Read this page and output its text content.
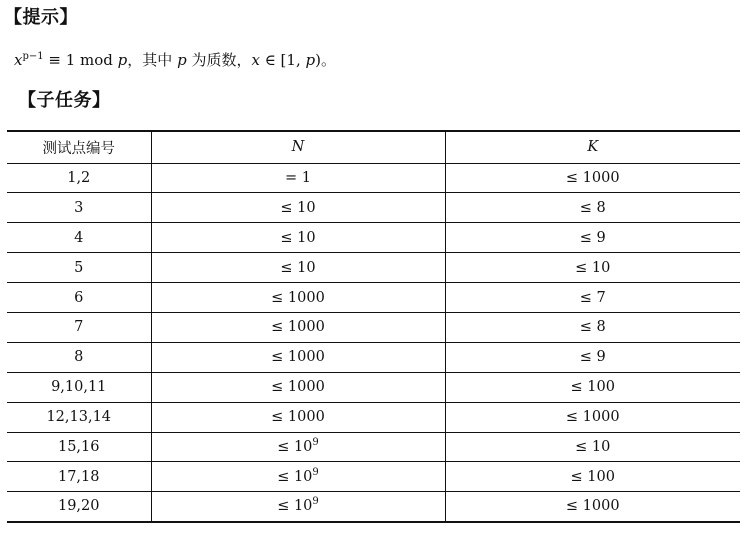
【提示】
$x^{p-1} \equiv 1$ mod p，其中 p 为质数，x ∈ [1, p)。
【子任务】
测试点编号	N	K
1,2	= 1	≤ 1000
3	≤ 10	≤ 8
4	≤ 10	≤ 9
5	≤ 10	≤ 10
6	≤ 1000	≤ 7
7	≤ 1000	≤ 8
8	≤ 1000	≤ 9
9,10,11	≤ 1000	≤ 100
12,13,14	≤ 1000	≤ 1000
15,16	≤ $10^9$	≤ 10
17,18	≤ $10^9$	≤ 100
19,20	≤ $10^9$	≤ 1000
